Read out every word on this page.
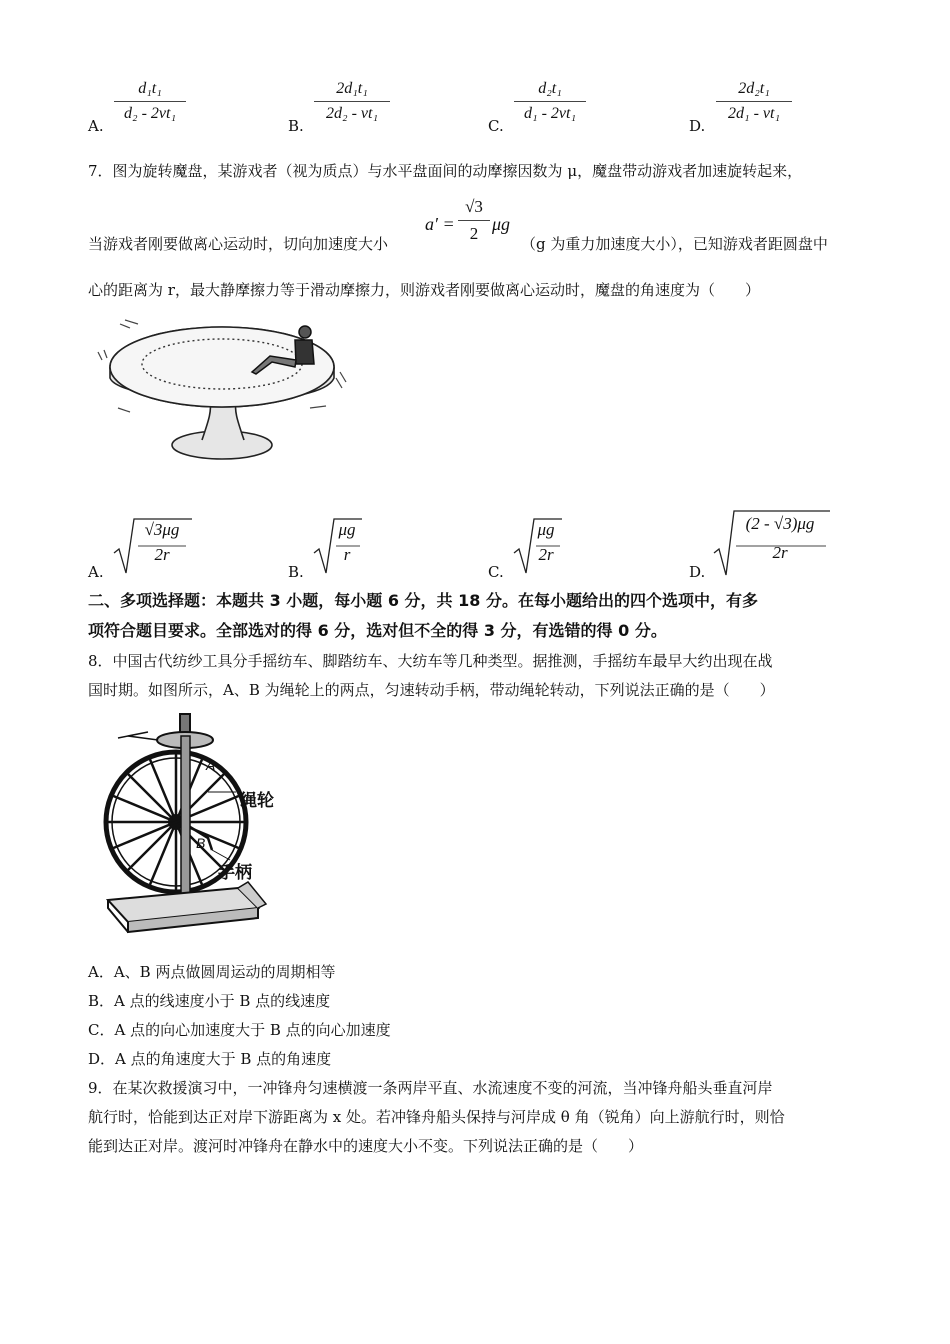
A.
d₁t₁
d₂ - 2vt₁
B.
2d₁t₁
2d₂ - vt₁
C.
d₂t₁
d₁ - 2vt₁
D.
2d₂t₁
2d₁ - vt₁
7．图为旋转魔盘，某游戏者（视为质点）与水平盘面间的动摩擦因数为 μ，魔盘带动游戏者加速旋转起来，
当游戏者刚要做离心运动时，切向加速度大小
a′ =
√3
2 μg
（g 为重力加速度大小），已知游戏者距圆盘中
心的距离为 r，最大静摩擦力等于滑动摩擦力，则游戏者刚要做离心运动时，魔盘的角速度为（　　）
A.
√3μg
2r
B.
μg
r
C.
μg
2r
D.
(2 - √3)μg
2r
二、多项选择题：本题共 3 小题，每小题 6 分，共 18 分。在每小题给出的四个选项中，有多
项符合题目要求。全部选对的得 6 分，选对但不全的得 3 分，有选错的得 0 分。
8．中国古代纺纱工具分手摇纺车、脚踏纺车、大纺车等几种类型。据推测，手摇纺车最早大约出现在战
国时期。如图所示，A、B 为绳轮上的两点，匀速转动手柄，带动绳轮转动，下列说法正确的是（　　）
A
B
绳轮
手柄
A．A、B 两点做圆周运动的周期相等
B．A 点的线速度小于 B 点的线速度
C．A 点的向心加速度大于 B 点的向心加速度
D．A 点的角速度大于 B 点的角速度
9．在某次救援演习中，一冲锋舟匀速横渡一条两岸平直、水流速度不变的河流，当冲锋舟船头垂直河岸
航行时，恰能到达正对岸下游距离为 x 处。若冲锋舟船头保持与河岸成 θ 角（锐角）向上游航行时，则恰
能到达正对岸。渡河时冲锋舟在静水中的速度大小不变。下列说法正确的是（　　）
